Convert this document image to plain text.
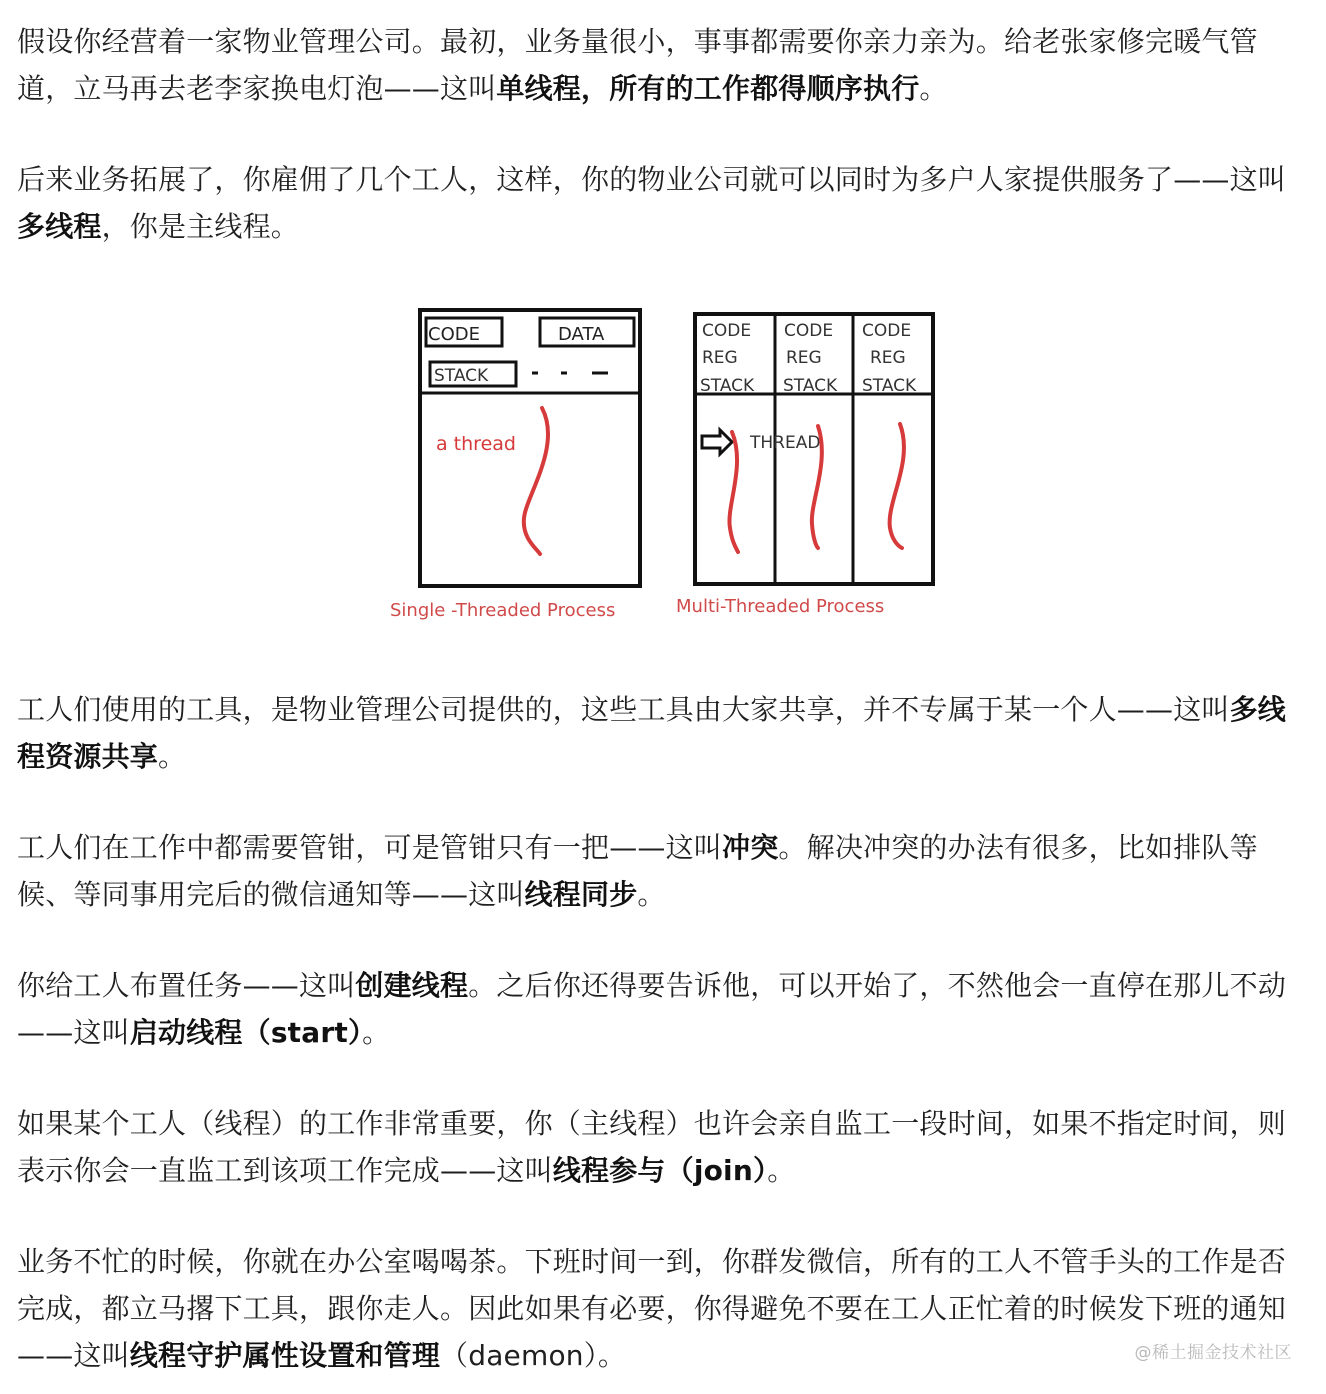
假设你经营着一家物业管理公司。最初，业务量很小，事事都需要你亲力亲为。给老张家修完暖气管道，立马再去老李家换电灯泡——这叫单线程，所有的工作都得顺序执行。

后来业务拓展了，你雇佣了几个工人，这样，你的物业公司就可以同时为多户人家提供服务了——这叫多线程，你是主线程。

CODE	DATA
STACK
a thread
Single -Threaded Process
CODE
REG
STACK
CODE
REG
STACK
CODE
REG
STACK
THREAD
Multi-Threaded Process

工人们使用的工具，是物业管理公司提供的，这些工具由大家共享，并不专属于某一个人——这叫多线程资源共享。

工人们在工作中都需要管钳，可是管钳只有一把——这叫冲突。解决冲突的办法有很多，比如排队等候、等同事用完后的微信通知等——这叫线程同步。

你给工人布置任务——这叫创建线程。之后你还得要告诉他，可以开始了，不然他会一直停在那儿不动——这叫启动线程（start）。

如果某个工人（线程）的工作非常重要，你（主线程）也许会亲自监工一段时间，如果不指定时间，则表示你会一直监工到该项工作完成——这叫线程参与（join）。

业务不忙的时候，你就在办公室喝喝茶。下班时间一到，你群发微信，所有的工人不管手头的工作是否完成，都立马撂下工具，跟你走人。因此如果有必要，你得避免不要在工人正忙着的时候发下班的通知——这叫线程守护属性设置和管理（daemon）。	@稀土掘金技术社区
